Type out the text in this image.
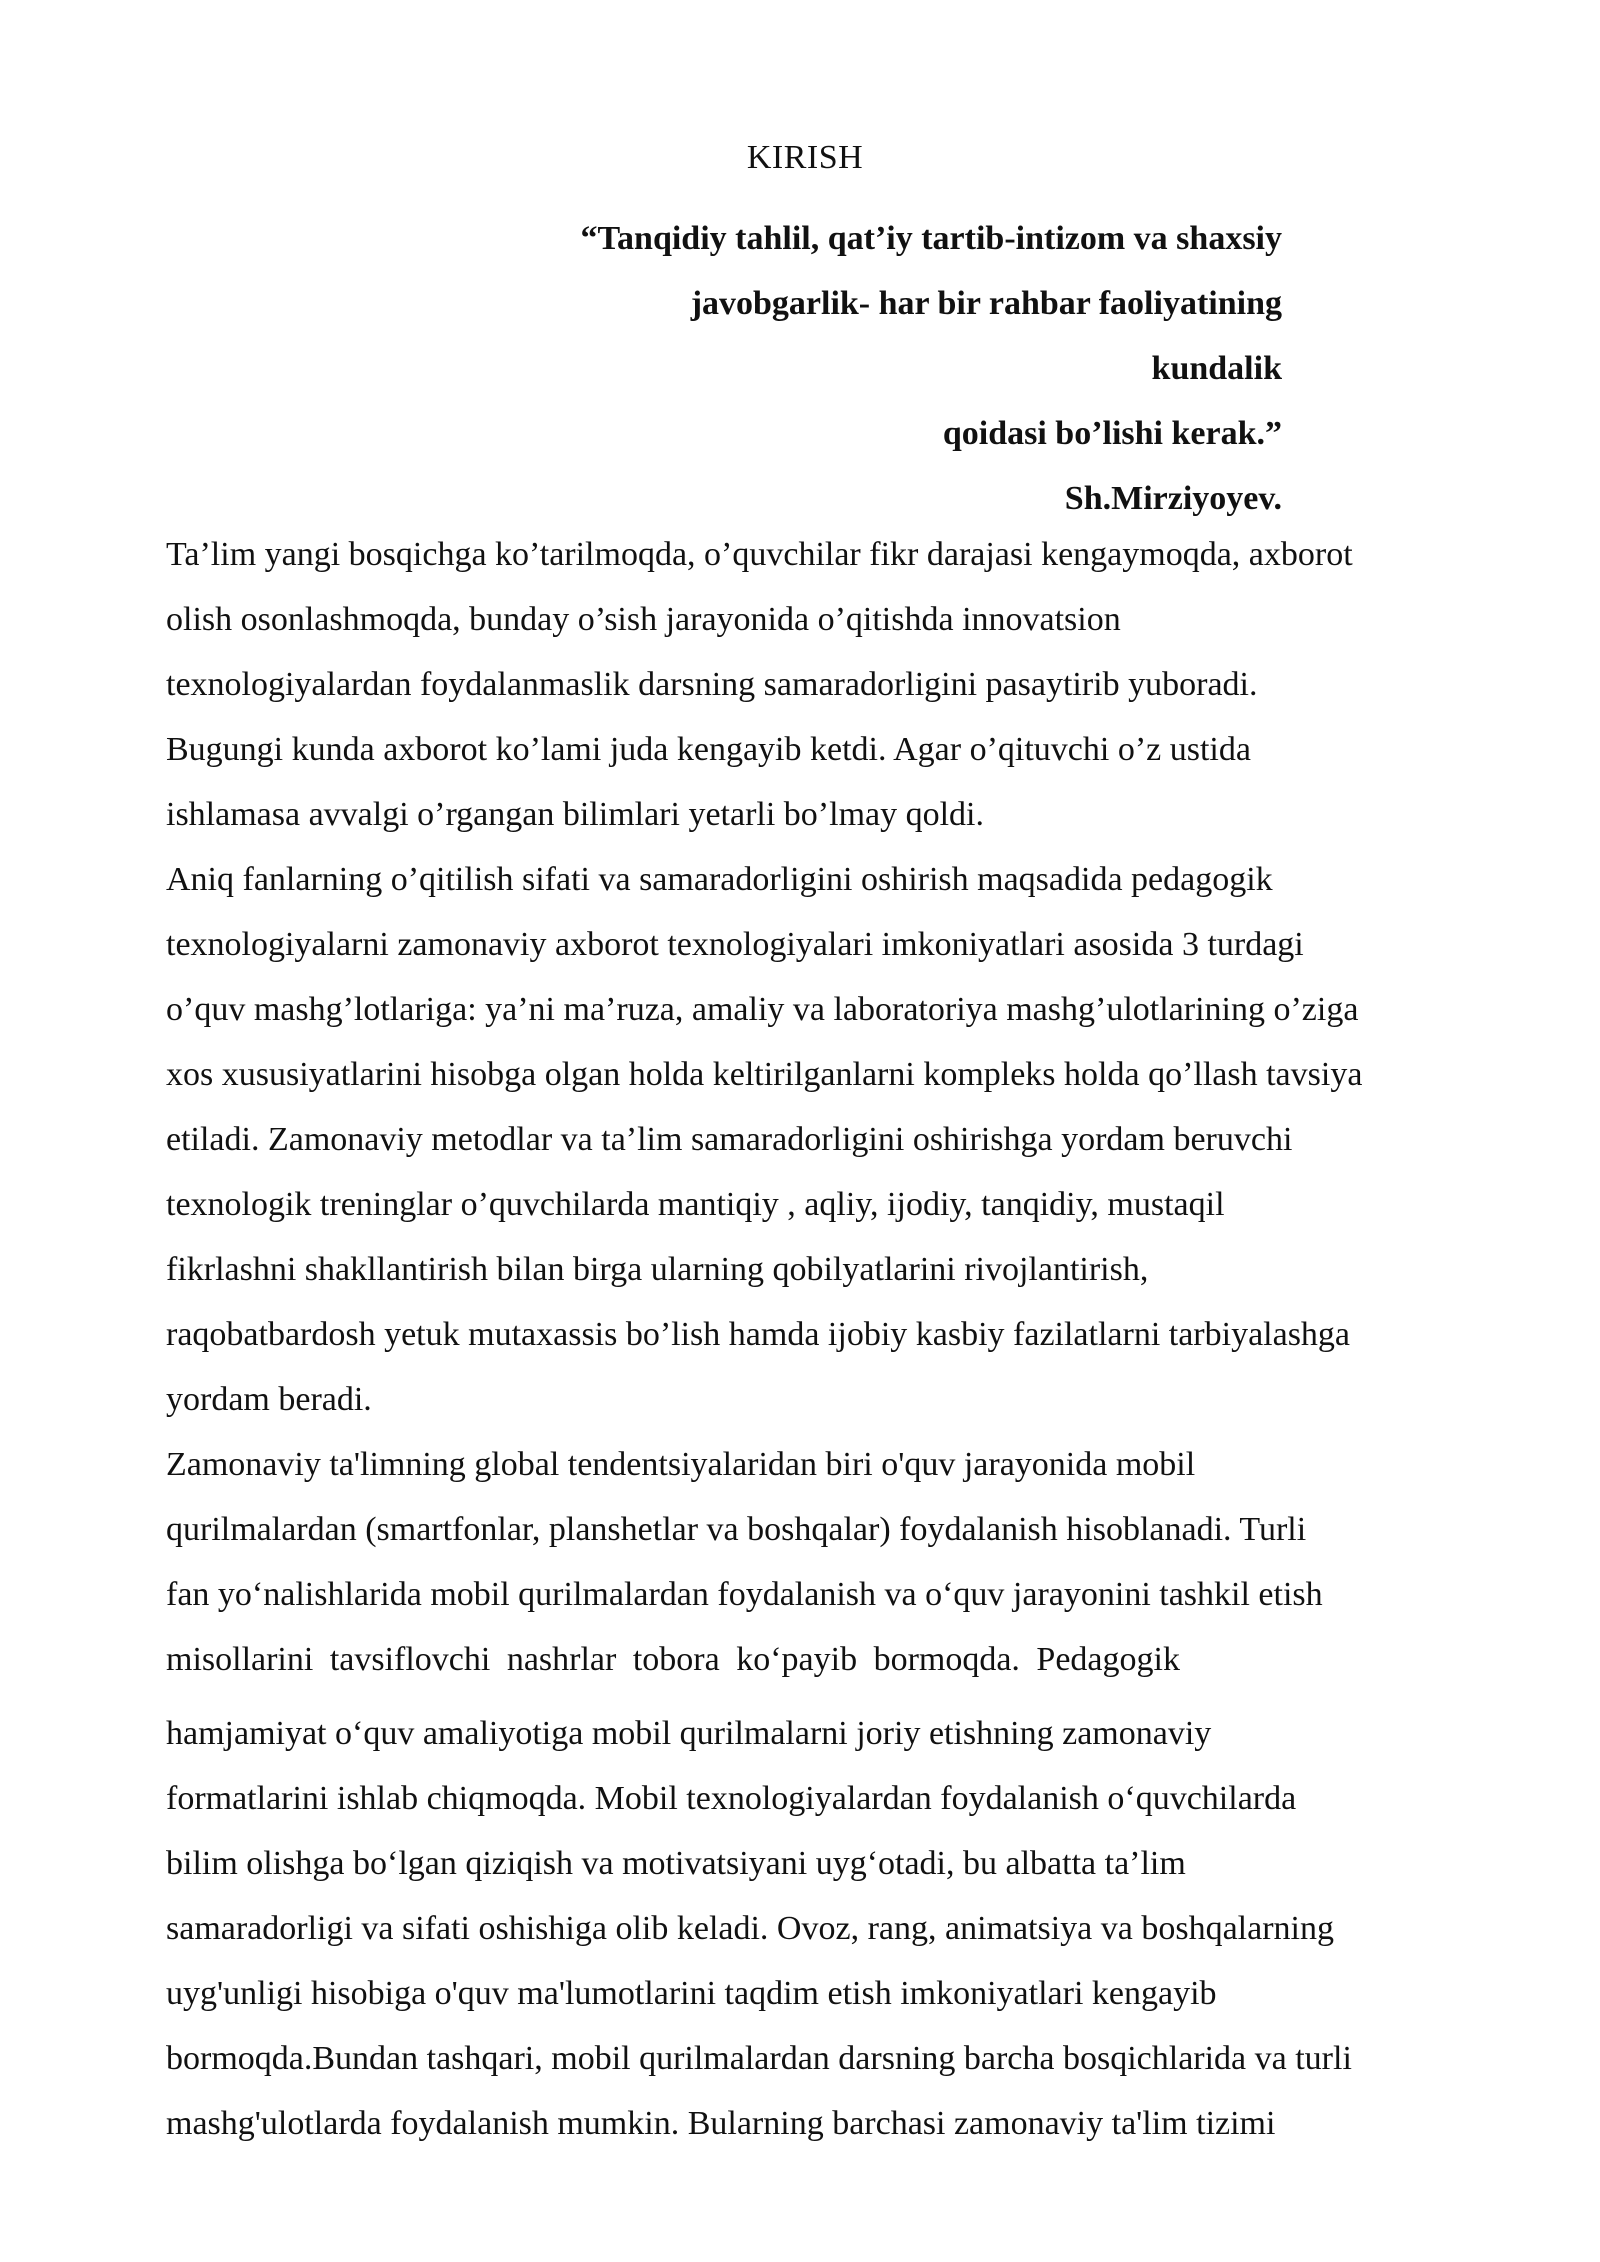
KIRISH
“Tanqidiy tahlil, qat’iy tartib-intizom va shaxsiy
javobgarlik- har bir rahbar faoliyatining
kundalik
qoidasi bo’lishi kerak.”
Sh.Mirziyoyev.
Ta’lim yangi bosqichga ko’tarilmoqda, o’quvchilar fikr darajasi kengaymoqda, axborot
olish osonlashmoqda, bunday o’sish jarayonida o’qitishda innovatsion
texnologiyalardan foydalanmaslik darsning samaradorligini pasaytirib yuboradi.
Bugungi kunda axborot ko’lami juda kengayib ketdi. Agar o’qituvchi o’z ustida
ishlamasa avvalgi o’rgangan bilimlari yetarli bo’lmay qoldi.
Aniq fanlarning o’qitilish sifati va samaradorligini oshirish maqsadida pedagogik
texnologiyalarni zamonaviy axborot texnologiyalari imkoniyatlari asosida 3 turdagi
o’quv mashg’lotlariga: ya’ni ma’ruza, amaliy va laboratoriya mashg’ulotlarining o’ziga
xos xususiyatlarini hisobga olgan holda keltirilganlarni kompleks holda qo’llash tavsiya
etiladi. Zamonaviy metodlar va ta’lim samaradorligini oshirishga yordam beruvchi
texnologik treninglar o’quvchilarda mantiqiy , aqliy, ijodiy, tanqidiy, mustaqil
fikrlashni shakllantirish bilan birga ularning qobilyatlarini rivojlantirish,
raqobatbardosh yetuk mutaxassis bo’lish hamda ijobiy kasbiy fazilatlarni tarbiyalashga
yordam beradi.
Zamonaviy ta'limning global tendentsiyalaridan biri o'quv jarayonida mobil
qurilmalardan (smartfonlar, planshetlar va boshqalar) foydalanish hisoblanadi. Turli
fan yo‘nalishlarida mobil qurilmalardan foydalanish va o‘quv jarayonini tashkil etish
misollarini tavsiflovchi nashrlar tobora ko‘payib bormoqda. Pedagogik
hamjamiyat o‘quv amaliyotiga mobil qurilmalarni joriy etishning zamonaviy
formatlarini ishlab chiqmoqda. Mobil texnologiyalardan foydalanish o‘quvchilarda
bilim olishga bo‘lgan qiziqish va motivatsiyani uyg‘otadi, bu albatta ta’lim
samaradorligi va sifati oshishiga olib keladi. Ovoz, rang, animatsiya va boshqalarning
uyg'unligi hisobiga o'quv ma'lumotlarini taqdim etish imkoniyatlari kengayib
bormoqda.Bundan tashqari, mobil qurilmalardan darsning barcha bosqichlarida va turli
mashg'ulotlarda foydalanish mumkin. Bularning barchasi zamonaviy ta'lim tizimi
